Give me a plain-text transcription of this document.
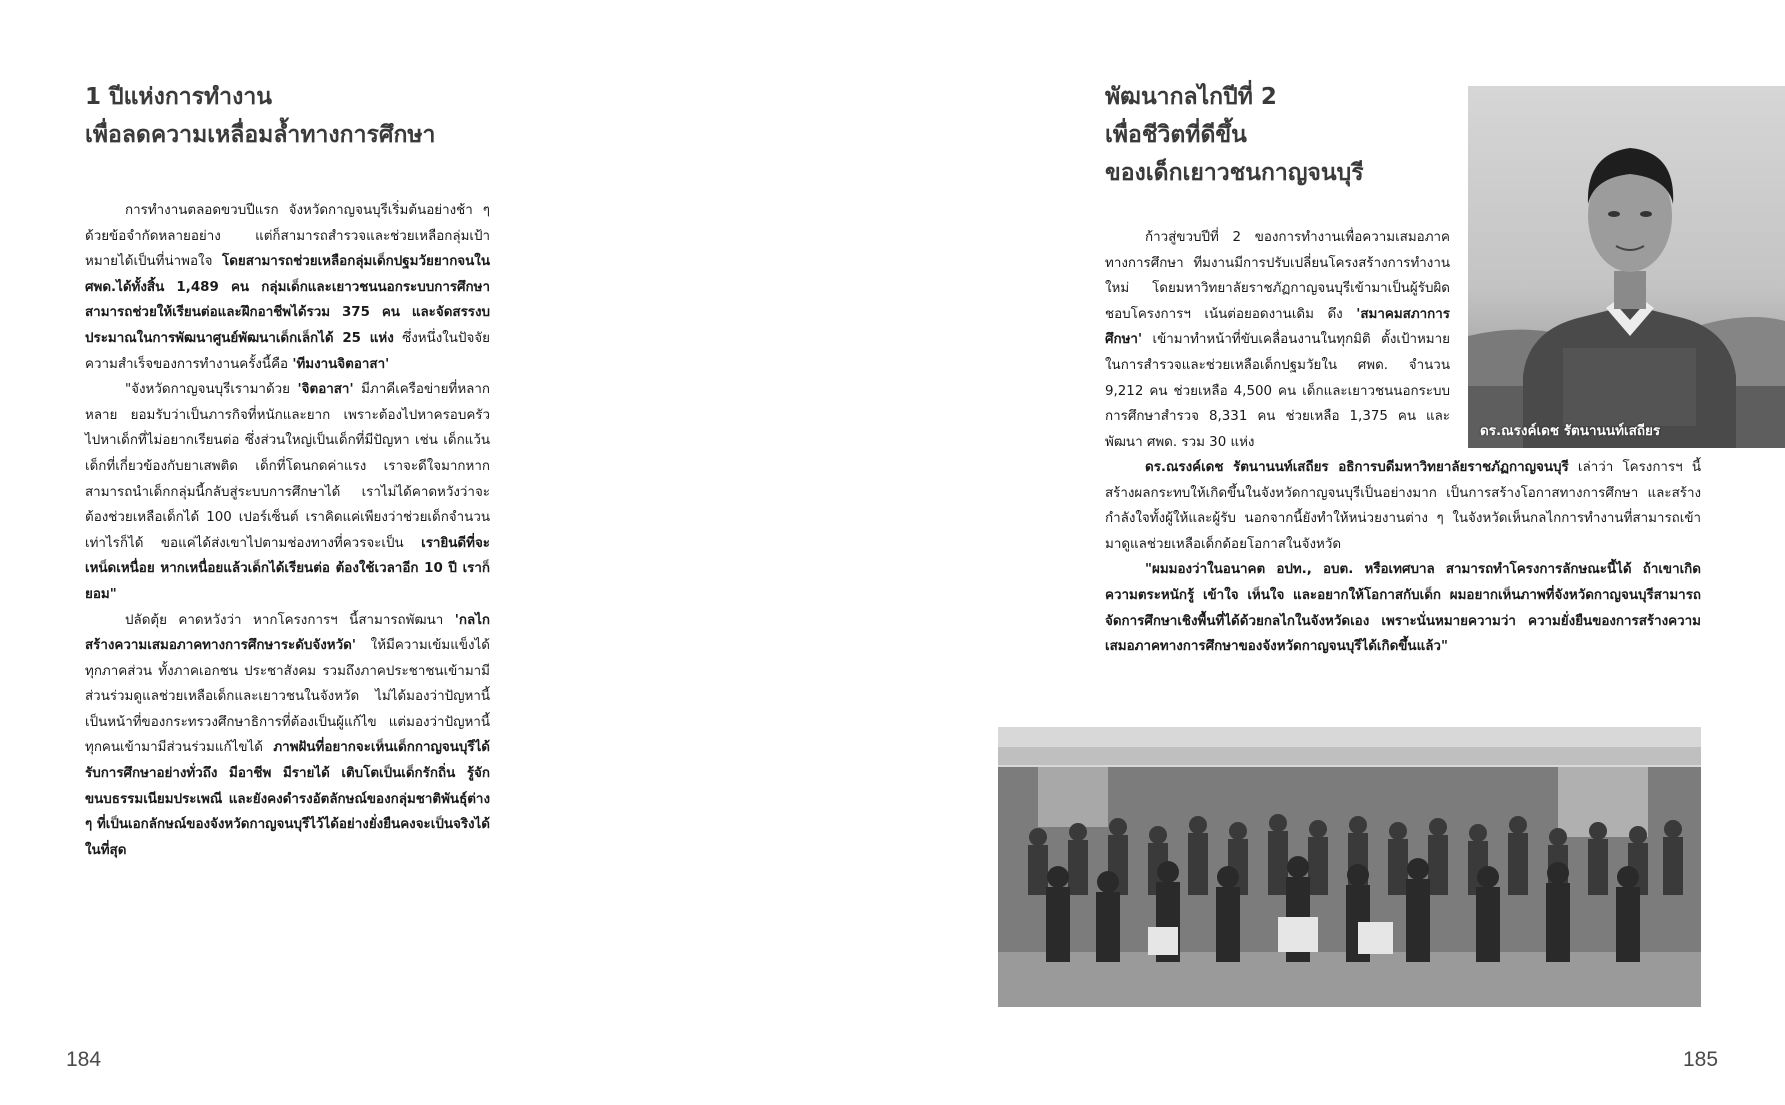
1 ปีแห่งการทำงาน
เพื่อลดความเหลื่อมล้ำทางการศึกษา

การทำงานตลอดขวบปีแรก จังหวัดกาญจนบุรีเริ่มต้นอย่างช้า ๆ ด้วยข้อจำกัดหลายอย่าง แต่ก็สามารถสำรวจและช่วยเหลือกลุ่มเป้าหมายได้เป็นที่น่าพอใจ โดยสามารถช่วยเหลือกลุ่มเด็กปฐมวัยยากจนใน ศพด.ได้ทั้งสิ้น 1,489 คน กลุ่มเด็กและเยาวชนนอกระบบการศึกษา สามารถช่วยให้เรียนต่อและฝึกอาชีพได้รวม 375 คน และจัดสรรงบประมาณในการพัฒนาศูนย์พัฒนาเด็กเล็กได้ 25 แห่ง ซึ่งหนึ่งในปัจจัยความสำเร็จของการทำงานครั้งนี้คือ 'ทีมงานจิตอาสา'

"จังหวัดกาญจนบุรีเรามาด้วย 'จิตอาสา' มีภาคีเครือข่ายที่หลากหลาย ยอมรับว่าเป็นภารกิจที่หนักและยาก เพราะต้องไปหาครอบครัว ไปหาเด็กที่ไม่อยากเรียนต่อ ซึ่งส่วนใหญ่เป็นเด็กที่มีปัญหา เช่น เด็กแว้น เด็กที่เกี่ยวข้องกับยาเสพติด เด็กที่โดนกดค่าแรง เราจะดีใจมากหากสามารถนำเด็กกลุ่มนี้กลับสู่ระบบการศึกษาได้ เราไม่ได้คาดหวังว่าจะต้องช่วยเหลือเด็กได้ 100 เปอร์เซ็นต์ เราคิดแค่เพียงว่าช่วยเด็กจำนวนเท่าไรก็ได้ ขอแค่ได้ส่งเขาไปตามช่องทางที่ควรจะเป็น เรายินดีที่จะเหน็ดเหนื่อย หากเหนื่อยแล้วเด็กได้เรียนต่อ ต้องใช้เวลาอีก 10 ปี เราก็ยอม"

ปลัดตุ้ย คาดหวังว่า หากโครงการฯ นี้สามารถพัฒนา 'กลไกสร้างความเสมอภาคทางการศึกษาระดับจังหวัด' ให้มีความเข้มแข็งได้ทุกภาคส่วน ทั้งภาคเอกชน ประชาสังคม รวมถึงภาคประชาชนเข้ามามีส่วนร่วมดูแลช่วยเหลือเด็กและเยาวชนในจังหวัด ไม่ได้มองว่าปัญหานี้เป็นหน้าที่ของกระทรวงศึกษาธิการที่ต้องเป็นผู้แก้ไข แต่มองว่าปัญหานี้ทุกคนเข้ามามีส่วนร่วมแก้ไขได้ ภาพฝันที่อยากจะเห็นเด็กกาญจนบุรีได้รับการศึกษาอย่างทั่วถึง มีอาชีพ มีรายได้ เติบโตเป็นเด็กรักถิ่น รู้จักขนบธรรมเนียมประเพณี และยังคงดำรงอัตลักษณ์ของกลุ่มชาติพันธุ์ต่าง ๆ ที่เป็นเอกลักษณ์ของจังหวัดกาญจนบุรีไว้ได้อย่างยั่งยืนคงจะเป็นจริงได้ในที่สุด

184
พัฒนากลไกปีที่ 2
เพื่อชีวิตที่ดีขึ้น
ของเด็กเยาวชนกาญจนบุรี
ดร.ณรงค์เดช รัตนานนท์เสถียร

ก้าวสู่ขวบปีที่ 2 ของการทำงานเพื่อความเสมอภาคทางการศึกษา ทีมงานมีการปรับเปลี่ยนโครงสร้างการทำงานใหม่ โดยมหาวิทยาลัยราชภัฏกาญจนบุรีเข้ามาเป็นผู้รับผิดชอบโครงการฯ เน้นต่อยอดงานเดิม ดึง 'สมาคมสภาการศึกษา' เข้ามาทำหน้าที่ขับเคลื่อนงานในทุกมิติ ตั้งเป้าหมายในการสำรวจและช่วยเหลือเด็กปฐมวัยใน ศพด. จำนวน 9,212 คน ช่วยเหลือ 4,500 คน เด็กและเยาวชนนอกระบบการศึกษาสำรวจ 8,331 คน ช่วยเหลือ 1,375 คน และพัฒนา ศพด. รวม 30 แห่ง

ดร.ณรงค์เดช รัตนานนท์เสถียร อธิการบดีมหาวิทยาลัยราชภัฏกาญจนบุรี เล่าว่า โครงการฯ นี้สร้างผลกระทบให้เกิดขึ้นในจังหวัดกาญจนบุรีเป็นอย่างมาก เป็นการสร้างโอกาสทางการศึกษา และสร้างกำลังใจทั้งผู้ให้และผู้รับ นอกจากนี้ยังทำให้หน่วยงานต่าง ๆ ในจังหวัดเห็นกลไกการทำงานที่สามารถเข้ามาดูแลช่วยเหลือเด็กด้อยโอกาสในจังหวัด

"ผมมองว่าในอนาคต อปท., อบต. หรือเทศบาล สามารถทำโครงการลักษณะนี้ได้ ถ้าเขาเกิดความตระหนักรู้ เข้าใจ เห็นใจ และอยากให้โอกาสกับเด็ก ผมอยากเห็นภาพที่จังหวัดกาญจนบุรีสามารถจัดการศึกษาเชิงพื้นที่ได้ด้วยกลไกในจังหวัดเอง เพราะนั่นหมายความว่า ความยั่งยืนของการสร้างความเสมอภาคทางการศึกษาของจังหวัดกาญจนบุรีได้เกิดขึ้นแล้ว"

185
